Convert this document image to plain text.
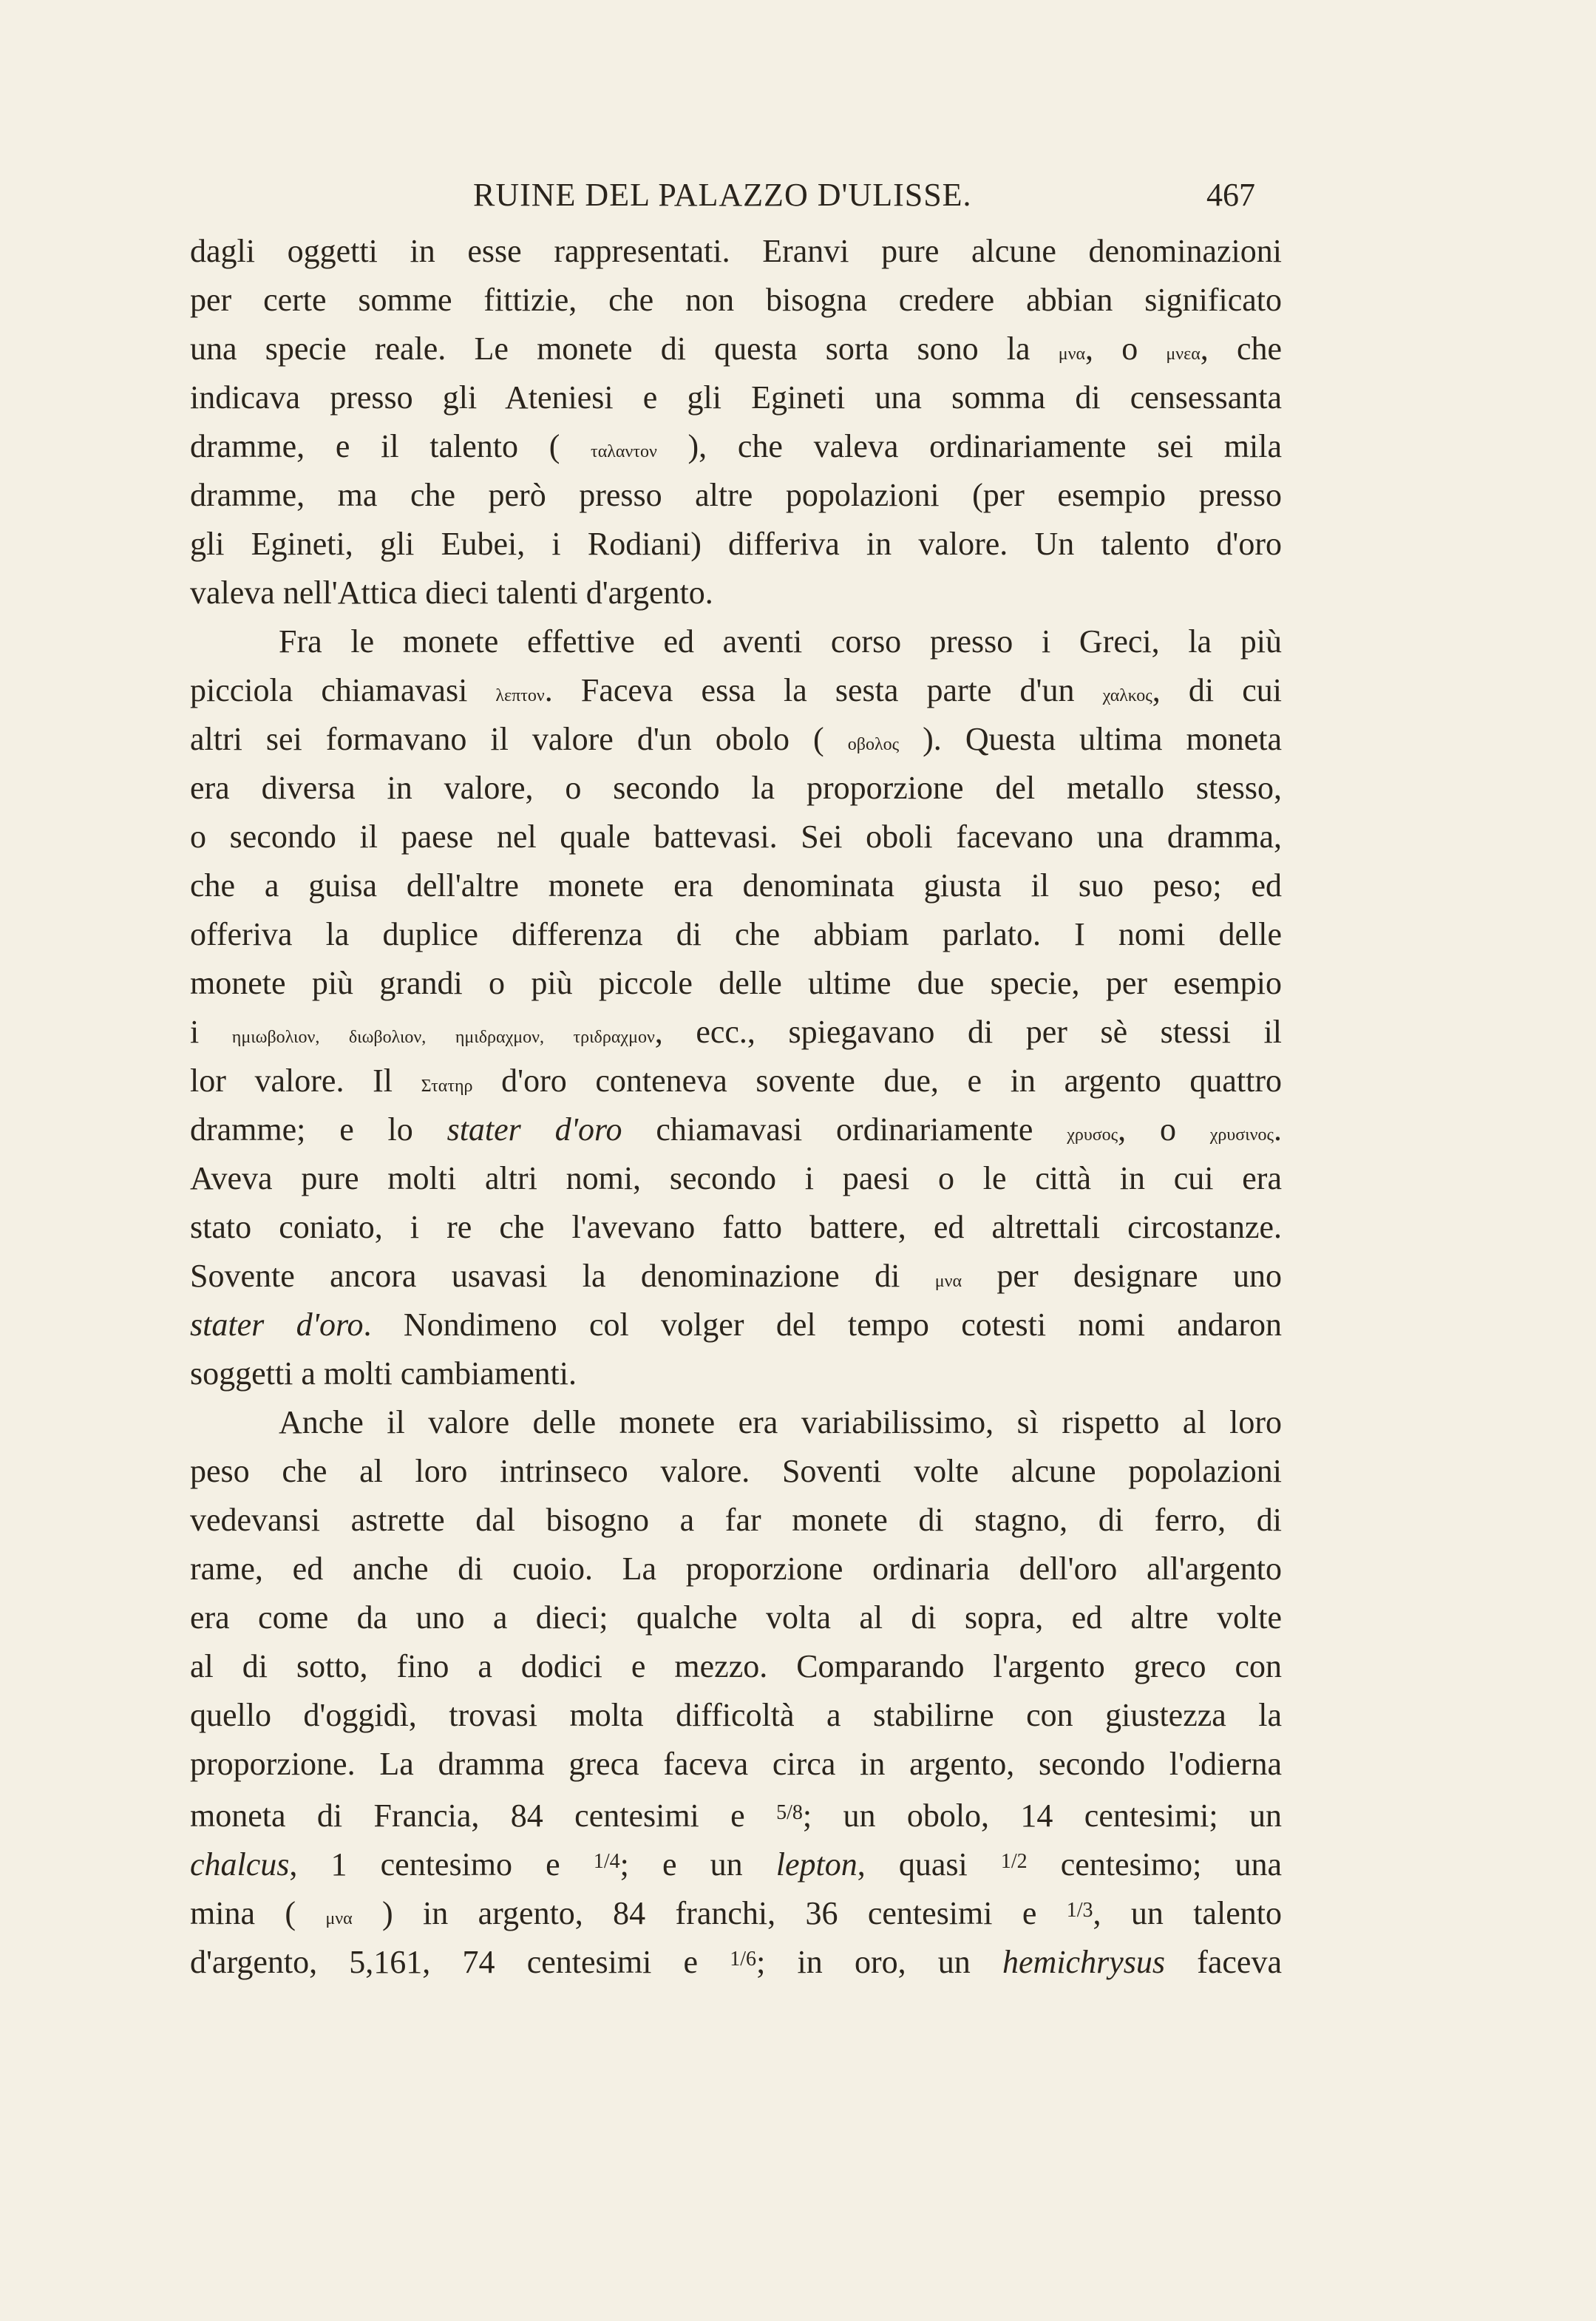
RUINE DEL PALAZZO D'ULISSE.	467
dagli oggetti in esse rappresentati. Eranvi pure alcune denominazioni
per certe somme fittizie, che non bisogna credere abbian significato
una specie reale. Le monete di questa sorta sono la μνα, o μνεα, che
indicava presso gli Ateniesi e gli Egineti una somma di censessanta
dramme, e il talento ( ταλαντον ), che valeva ordinariamente sei mila
dramme, ma che però presso altre popolazioni (per esempio presso
gli Egineti, gli Eubei, i Rodiani) differiva in valore. Un talento d'oro
valeva nell'Attica dieci talenti d'argento.
Fra le monete effettive ed aventi corso presso i Greci, la più
picciola chiamavasi λεπτον. Faceva essa la sesta parte d'un χαλκος, di cui
altri sei formavano il valore d'un obolo ( οβολος ). Questa ultima moneta
era diversa in valore, o secondo la proporzione del metallo stesso,
o secondo il paese nel quale battevasi. Sei oboli facevano una dramma,
che a guisa dell'altre monete era denominata giusta il suo peso; ed
offeriva la duplice differenza di che abbiam parlato. I nomi delle
monete più grandi o più piccole delle ultime due specie, per esempio
i ημιωβολιον, διωβολιον, ημιδραχμον, τριδραχμον, ecc., spiegavano di per sè stessi il
lor valore. Il Στατηρ d'oro conteneva sovente due, e in argento quattro
dramme; e lo stater d'oro chiamavasi ordinariamente χρυσος, o χρυσινος.
Aveva pure molti altri nomi, secondo i paesi o le città in cui era
stato coniato, i re che l'avevano fatto battere, ed altrettali circostanze.
Sovente ancora usavasi la denominazione di μνα per designare uno
stater d'oro. Nondimeno col volger del tempo cotesti nomi andaron
soggetti a molti cambiamenti.
Anche il valore delle monete era variabilissimo, sì rispetto al loro
peso che al loro intrinseco valore. Soventi volte alcune popolazioni
vedevansi astrette dal bisogno a far monete di stagno, di ferro, di
rame, ed anche di cuoio. La proporzione ordinaria dell'oro all'argento
era come da uno a dieci; qualche volta al di sopra, ed altre volte
al di sotto, fino a dodici e mezzo. Comparando l'argento greco con
quello d'oggidì, trovasi molta difficoltà a stabilirne con giustezza la
proporzione. La dramma greca faceva circa in argento, secondo l'odierna
moneta di Francia, 84 centesimi e $^{5/8}$; un obolo, 14 centesimi; un
chalcus, 1 centesimo e $^{1/4}$; e un lepton, quasi $^{1/2}$ centesimo; una
mina ( μνα ) in argento, 84 franchi, 36 centesimi e $^{1/3}$, un talento
d'argento, 5,161, 74 centesimi e $^{1/6}$; in oro, un hemichrysus faceva
